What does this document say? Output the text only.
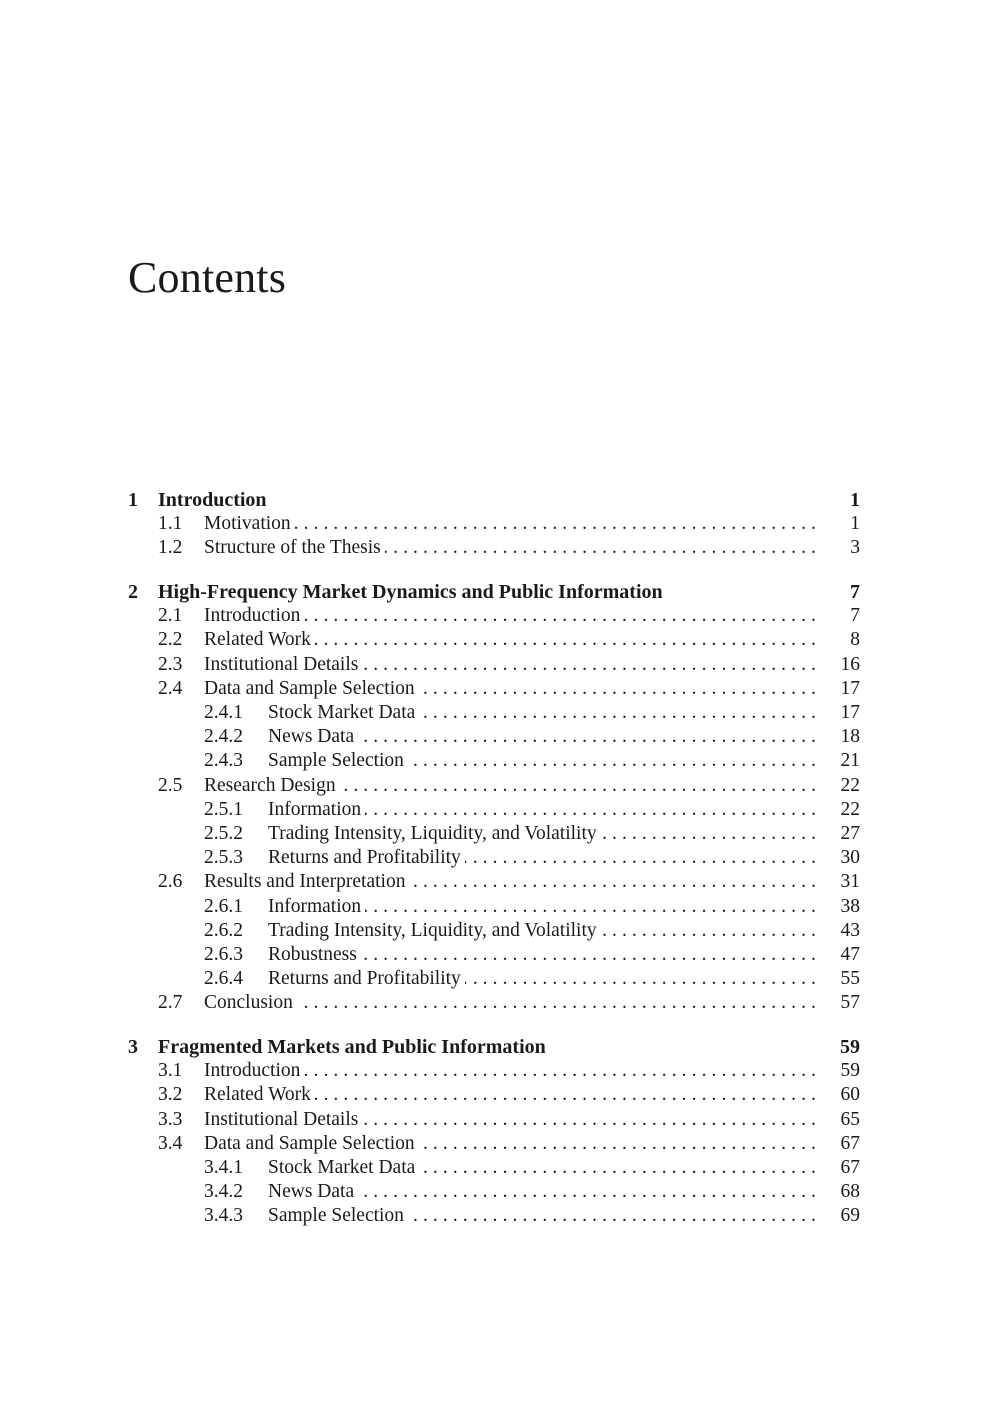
Contents
1 Introduction	1
1.1 Motivation . . .	1
1.2 Structure of the Thesis . . .	3
2 High-Frequency Market Dynamics and Public Information	7
2.1 Introduction . . .	7
2.2 Related Work . . .	8
2.3 Institutional Details . . .	16
2.4 Data and Sample Selection . . .	17
2.4.1 Stock Market Data . . .	17
2.4.2 News Data . . .	18
2.4.3 Sample Selection . . .	21
2.5 Research Design . . .	22
2.5.1 Information . . .	22
2.5.2 Trading Intensity, Liquidity, and Volatility . . .	27
2.5.3 Returns and Profitability . . .	30
2.6 Results and Interpretation . . .	31
2.6.1 Information . . .	38
2.6.2 Trading Intensity, Liquidity, and Volatility . . .	43
2.6.3 Robustness . . .	47
2.6.4 Returns and Profitability . . .	55
2.7 Conclusion . . .	57
3 Fragmented Markets and Public Information	59
3.1 Introduction . . .	59
3.2 Related Work . . .	60
3.3 Institutional Details . . .	65
3.4 Data and Sample Selection . . .	67
3.4.1 Stock Market Data . . .	67
3.4.2 News Data . . .	68
3.4.3 Sample Selection . . .	69
